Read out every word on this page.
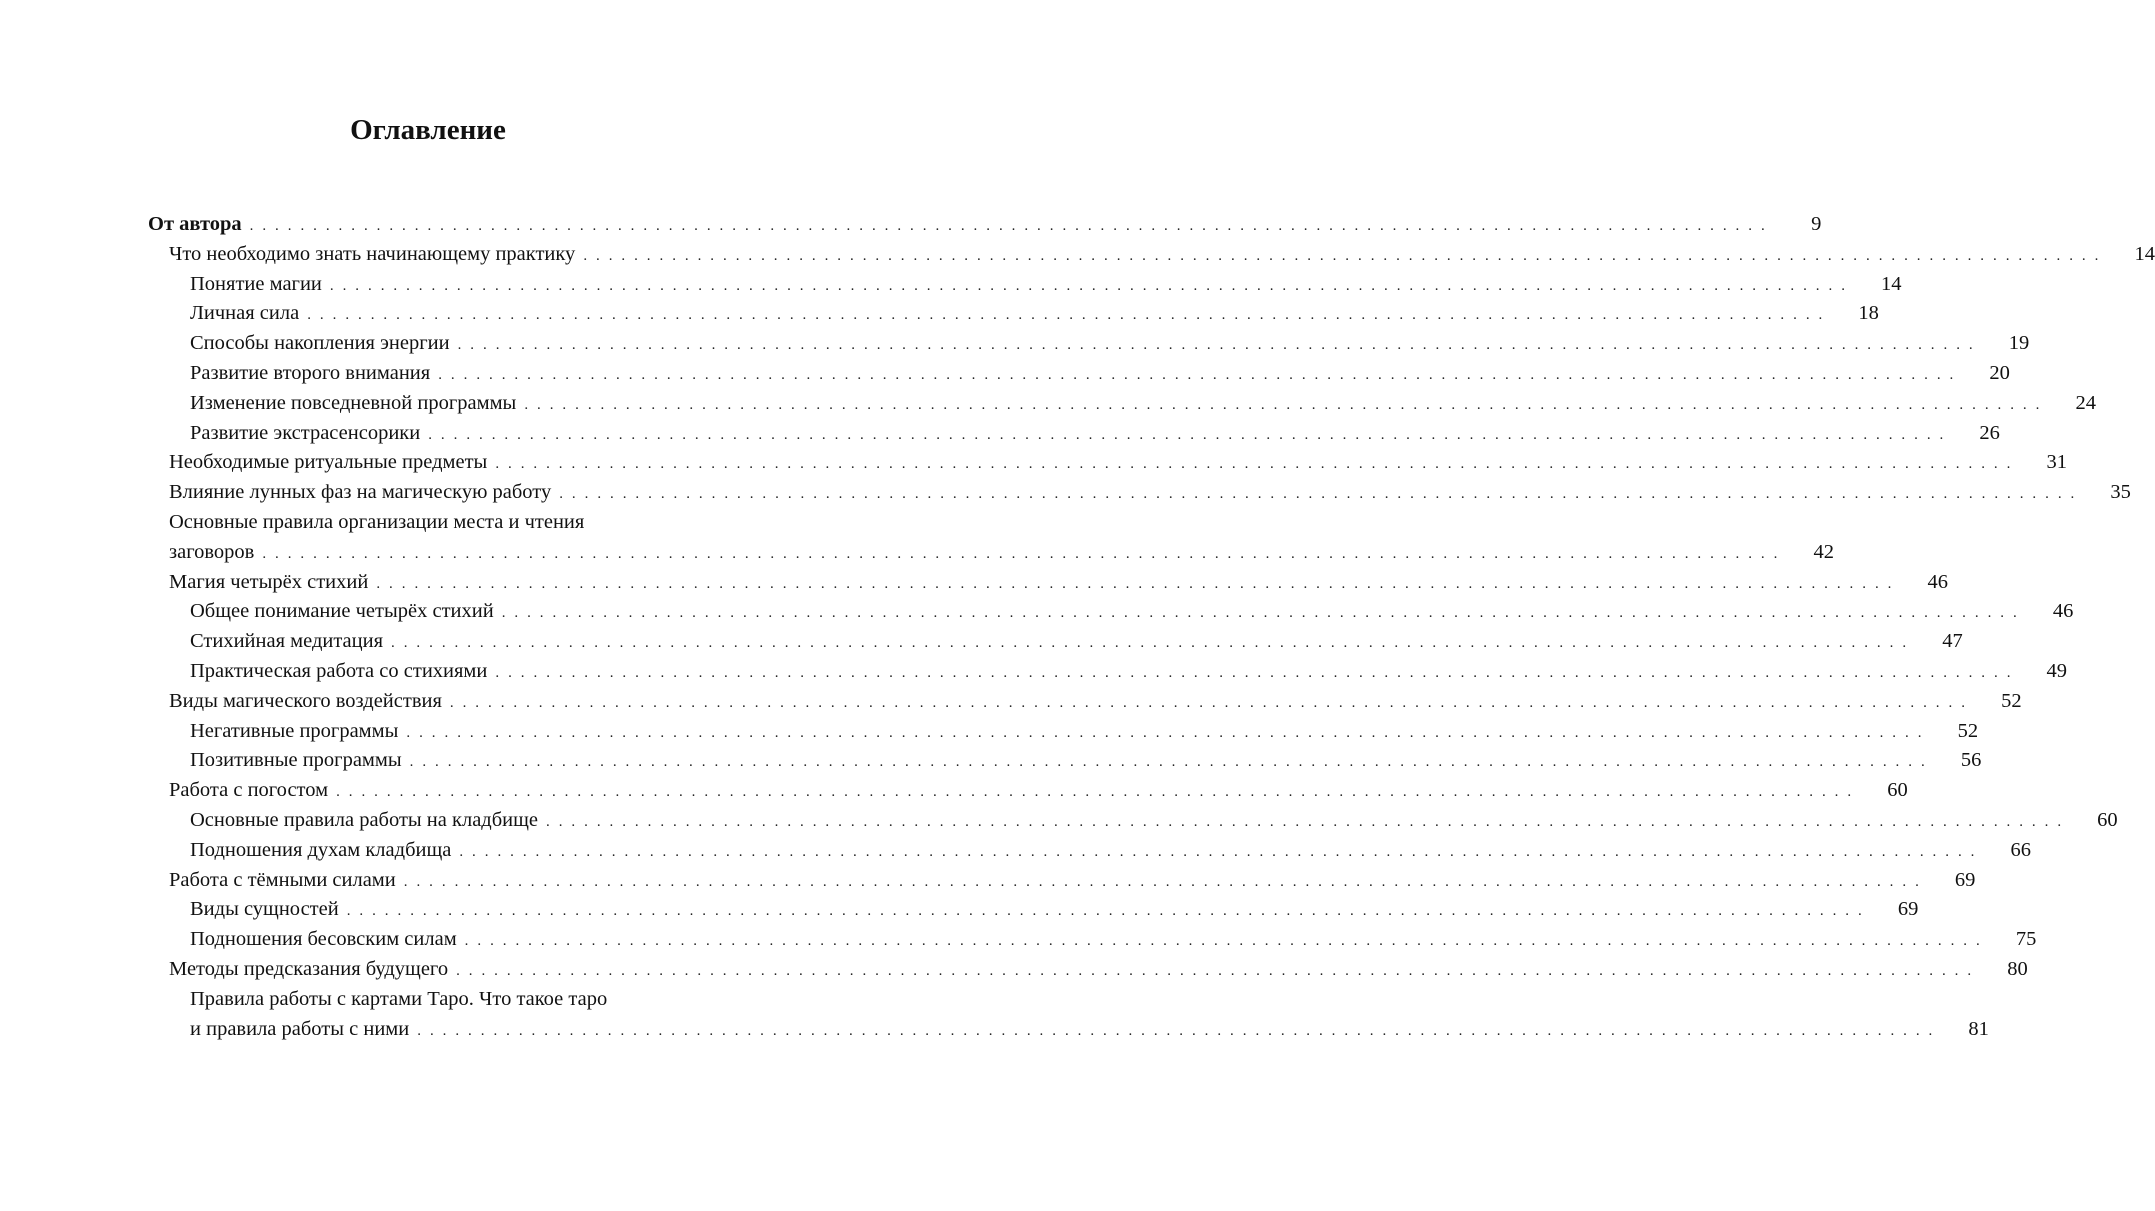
Оглавление
От автора . . . . . . . . . . . . . . . . . . . . . . . . . . . . . . . . . . . . . . . . . . . . . . . . . . . . . . . . . . . . . . . . . . . . . . . . . . . . . . . . . . . . . . . . . . . . . . . . . . . . . . . . . . . . . . . . . . . . . . . .	9
Что необходимо знать начинающему практику . . . . . . . . . . . . . . . . . . . . . . . . . . . . . . . . . . . . . . . . . . . . . . . . . . . . . . . . . . . . . . . . . . . . . . . . . . . . . . . . . . . . . . . . . . . . . . . . . . . . . . . . . . . . . . . . . . . . . . . .	14
Понятие магии . . . . . . . . . . . . . . . . . . . . . . . . . . . . . . . . . . . . . . . . . . . . . . . . . . . . . . . . . . . . . . . . . . . . . . . . . . . . . . . . . . . . . . . . . . . . . . . . . . . . . . . . . . . . . . . . . . . . . . . .	14
Личная сила . . . . . . . . . . . . . . . . . . . . . . . . . . . . . . . . . . . . . . . . . . . . . . . . . . . . . . . . . . . . . . . . . . . . . . . . . . . . . . . . . . . . . . . . . . . . . . . . . . . . . . . . . . . . . . . . . . . . . . . .	18
Способы накопления энергии . . . . . . . . . . . . . . . . . . . . . . . . . . . . . . . . . . . . . . . . . . . . . . . . . . . . . . . . . . . . . . . . . . . . . . . . . . . . . . . . . . . . . . . . . . . . . . . . . . . . . . . . . . . . . . . . . . . . . . . .	19
Развитие второго внимания . . . . . . . . . . . . . . . . . . . . . . . . . . . . . . . . . . . . . . . . . . . . . . . . . . . . . . . . . . . . . . . . . . . . . . . . . . . . . . . . . . . . . . . . . . . . . . . . . . . . . . . . . . . . . . . . . . . . . . . .	20
Изменение повседневной программы . . . . . . . . . . . . . . . . . . . . . . . . . . . . . . . . . . . . . . . . . . . . . . . . . . . . . . . . . . . . . . . . . . . . . . . . . . . . . . . . . . . . . . . . . . . . . . . . . . . . . . . . . . . . . . . . . . . . . . . .	24
Развитие экстрасенсорики . . . . . . . . . . . . . . . . . . . . . . . . . . . . . . . . . . . . . . . . . . . . . . . . . . . . . . . . . . . . . . . . . . . . . . . . . . . . . . . . . . . . . . . . . . . . . . . . . . . . . . . . . . . . . . . . . . . . . . . .	26
Необходимые ритуальные предметы . . . . . . . . . . . . . . . . . . . . . . . . . . . . . . . . . . . . . . . . . . . . . . . . . . . . . . . . . . . . . . . . . . . . . . . . . . . . . . . . . . . . . . . . . . . . . . . . . . . . . . . . . . . . . . . . . . . . . . . .	31
Влияние лунных фаз на магическую работу . . . . . . . . . . . . . . . . . . . . . . . . . . . . . . . . . . . . . . . . . . . . . . . . . . . . . . . . . . . . . . . . . . . . . . . . . . . . . . . . . . . . . . . . . . . . . . . . . . . . . . . . . . . . . . . . . . . . . . . .	35
Основные правила организации места и чтения
заговоров . . . . . . . . . . . . . . . . . . . . . . . . . . . . . . . . . . . . . . . . . . . . . . . . . . . . . . . . . . . . . . . . . . . . . . . . . . . . . . . . . . . . . . . . . . . . . . . . . . . . . . . . . . . . . . . . . . . . . . . .	42
Магия четырёх стихий . . . . . . . . . . . . . . . . . . . . . . . . . . . . . . . . . . . . . . . . . . . . . . . . . . . . . . . . . . . . . . . . . . . . . . . . . . . . . . . . . . . . . . . . . . . . . . . . . . . . . . . . . . . . . . . . . . . . . . . .	46
Общее понимание четырёх стихий . . . . . . . . . . . . . . . . . . . . . . . . . . . . . . . . . . . . . . . . . . . . . . . . . . . . . . . . . . . . . . . . . . . . . . . . . . . . . . . . . . . . . . . . . . . . . . . . . . . . . . . . . . . . . . . . . . . . . . . .	46
Стихийная медитация . . . . . . . . . . . . . . . . . . . . . . . . . . . . . . . . . . . . . . . . . . . . . . . . . . . . . . . . . . . . . . . . . . . . . . . . . . . . . . . . . . . . . . . . . . . . . . . . . . . . . . . . . . . . . . . . . . . . . . . .	47
Практическая работа со стихиями . . . . . . . . . . . . . . . . . . . . . . . . . . . . . . . . . . . . . . . . . . . . . . . . . . . . . . . . . . . . . . . . . . . . . . . . . . . . . . . . . . . . . . . . . . . . . . . . . . . . . . . . . . . . . . . . . . . . . . . .	49
Виды магического воздействия . . . . . . . . . . . . . . . . . . . . . . . . . . . . . . . . . . . . . . . . . . . . . . . . . . . . . . . . . . . . . . . . . . . . . . . . . . . . . . . . . . . . . . . . . . . . . . . . . . . . . . . . . . . . . . . . . . . . . . . .	52
Негативные программы . . . . . . . . . . . . . . . . . . . . . . . . . . . . . . . . . . . . . . . . . . . . . . . . . . . . . . . . . . . . . . . . . . . . . . . . . . . . . . . . . . . . . . . . . . . . . . . . . . . . . . . . . . . . . . . . . . . . . . . .	52
Позитивные программы . . . . . . . . . . . . . . . . . . . . . . . . . . . . . . . . . . . . . . . . . . . . . . . . . . . . . . . . . . . . . . . . . . . . . . . . . . . . . . . . . . . . . . . . . . . . . . . . . . . . . . . . . . . . . . . . . . . . . . . .	56
Работа с погостом . . . . . . . . . . . . . . . . . . . . . . . . . . . . . . . . . . . . . . . . . . . . . . . . . . . . . . . . . . . . . . . . . . . . . . . . . . . . . . . . . . . . . . . . . . . . . . . . . . . . . . . . . . . . . . . . . . . . . . . .	60
Основные правила работы на кладбище . . . . . . . . . . . . . . . . . . . . . . . . . . . . . . . . . . . . . . . . . . . . . . . . . . . . . . . . . . . . . . . . . . . . . . . . . . . . . . . . . . . . . . . . . . . . . . . . . . . . . . . . . . . . . . . . . . . . . . . .	60
Подношения духам кладбища . . . . . . . . . . . . . . . . . . . . . . . . . . . . . . . . . . . . . . . . . . . . . . . . . . . . . . . . . . . . . . . . . . . . . . . . . . . . . . . . . . . . . . . . . . . . . . . . . . . . . . . . . . . . . . . . . . . . . . . .	66
Работа с тёмными силами . . . . . . . . . . . . . . . . . . . . . . . . . . . . . . . . . . . . . . . . . . . . . . . . . . . . . . . . . . . . . . . . . . . . . . . . . . . . . . . . . . . . . . . . . . . . . . . . . . . . . . . . . . . . . . . . . . . . . . . .	69
Виды сущностей . . . . . . . . . . . . . . . . . . . . . . . . . . . . . . . . . . . . . . . . . . . . . . . . . . . . . . . . . . . . . . . . . . . . . . . . . . . . . . . . . . . . . . . . . . . . . . . . . . . . . . . . . . . . . . . . . . . . . . . .	69
Подношения бесовским силам . . . . . . . . . . . . . . . . . . . . . . . . . . . . . . . . . . . . . . . . . . . . . . . . . . . . . . . . . . . . . . . . . . . . . . . . . . . . . . . . . . . . . . . . . . . . . . . . . . . . . . . . . . . . . . . . . . . . . . . .	75
Методы предсказания будущего . . . . . . . . . . . . . . . . . . . . . . . . . . . . . . . . . . . . . . . . . . . . . . . . . . . . . . . . . . . . . . . . . . . . . . . . . . . . . . . . . . . . . . . . . . . . . . . . . . . . . . . . . . . . . . . . . . . . . . . .	80
Правила работы с картами Таро. Что такое таро
и правила работы с ними . . . . . . . . . . . . . . . . . . . . . . . . . . . . . . . . . . . . . . . . . . . . . . . . . . . . . . . . . . . . . . . . . . . . . . . . . . . . . . . . . . . . . . . . . . . . . . . . . . . . . . . . . . . . . . . . . . . . . . . .	81
